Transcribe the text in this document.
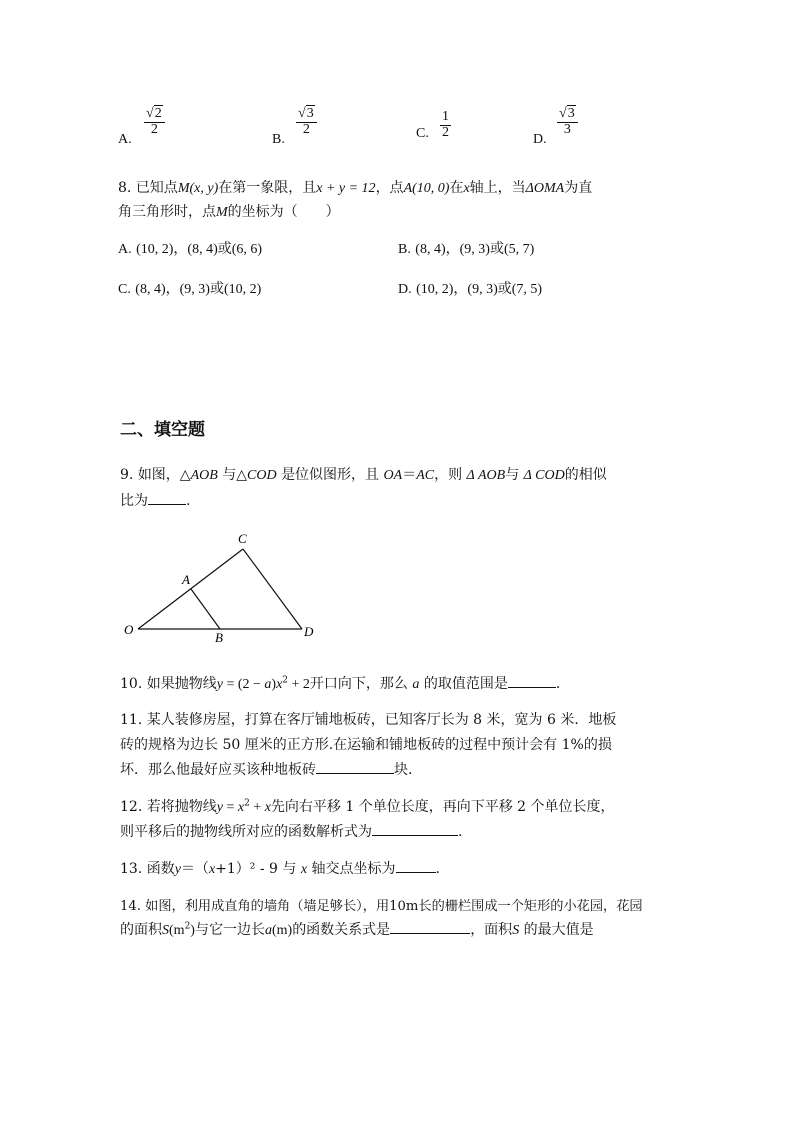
A.
$\frac{√2}{2}$
B.
$\frac{√3}{2}$	C. $\frac{1}{2}$	D.
$\frac{√3}{3}$
8. 已知点M(x, y)在第一象限，且x + y = 12，点A(10, 0)在x轴上，当ΔOMA为直
角三角形时，点M的坐标为（　　）
A. (10, 2)，(8, 4)或(6, 6)	B. (8, 4)，(9, 3)或(5, 7)
C. (8, 4)，(9, 3)或(10, 2)	D. (10, 2)，(9, 3)或(7, 5)
二、填空题
9. 如图，△AOB 与△COD 是位似图形，且 OA＝AC，则 Δ AOB与 Δ COD的相似
比为	.
C
A
O
B	D
10. 如果抛物线$y = (2 - a)x^2 + 2$开口向下，那么 a 的取值范围是	.
11. 某人装修房屋，打算在客厅铺地板砖，已知客厅长为 8 米，宽为 6 米．地板
砖的规格为边长 50 厘米的正方形.在运输和铺地板砖的过程中预计会有 1%的损
坏．那么他最好应买该种地板砖	块.
12. 若将抛物线$y = x^2 + x$先向右平移 1 个单位长度，再向下平移 2 个单位长度，
则平移后的抛物线所对应的函数解析式为	.
13. 函数y＝（x+1）² - 9 与 x 轴交点坐标为	.
14. 如图，利用成直角的墙角（墙足够长），用10m长的栅栏围成一个矩形的小花园，花园
的面积$S(m^2)$与它一边长a(m)的函数关系式是	，面积S 的最大值是
